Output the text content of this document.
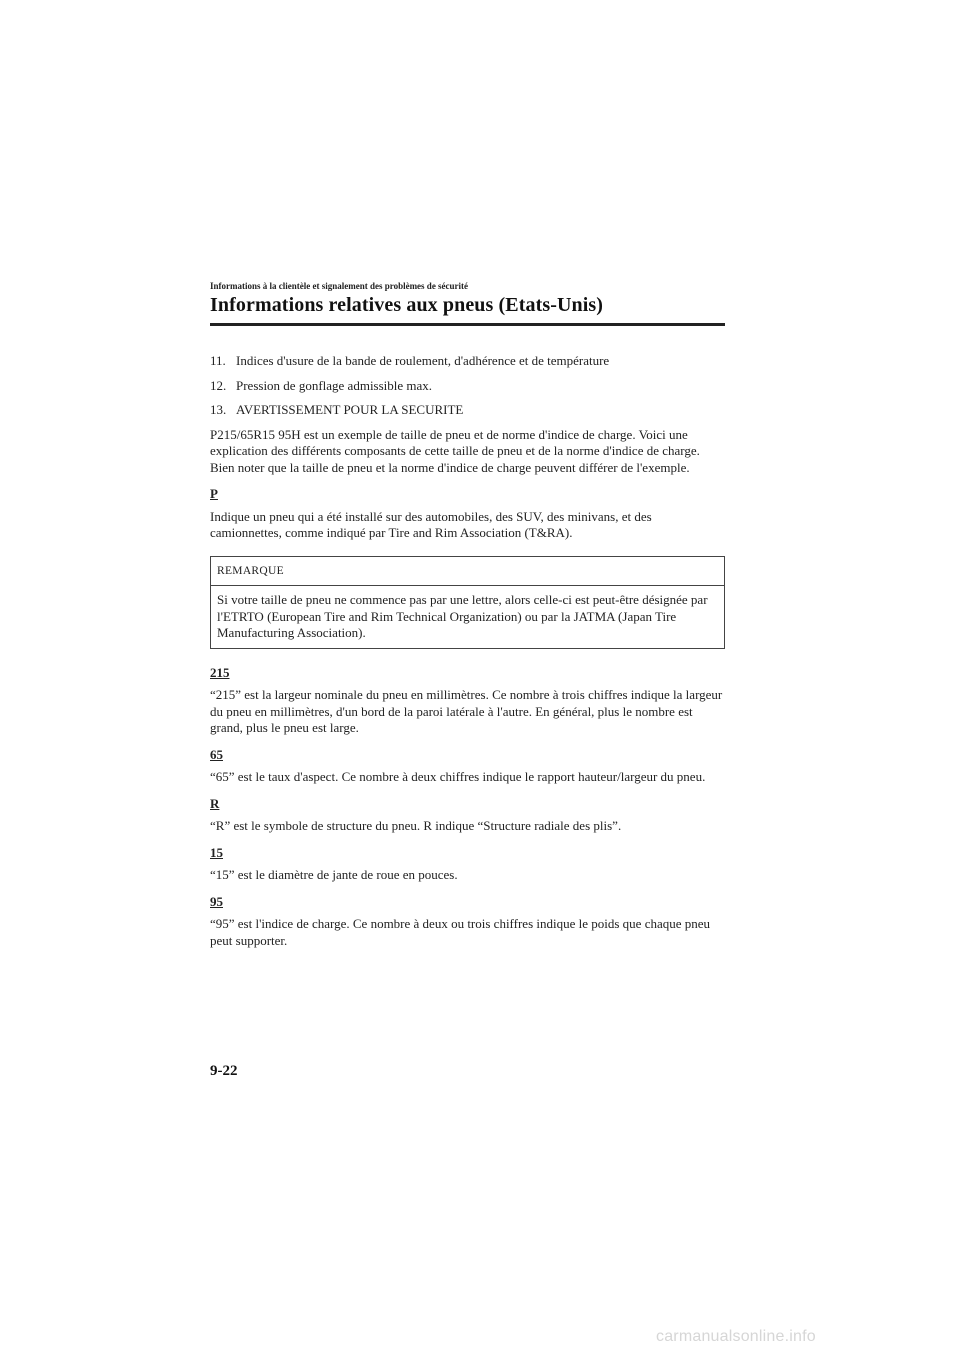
Informations à la clientèle et signalement des problèmes de sécurité
Informations relatives aux pneus (Etats-Unis)
11. Indices d'usure de la bande de roulement, d'adhérence et de température
12. Pression de gonflage admissible max.
13. AVERTISSEMENT POUR LA SECURITE

P215/65R15 95H est un exemple de taille de pneu et de norme d'indice de charge. Voici une explication des différents composants de cette taille de pneu et de la norme d'indice de charge. Bien noter que la taille de pneu et la norme d'indice de charge peuvent différer de l'exemple.

P

Indique un pneu qui a été installé sur des automobiles, des SUV, des minivans, et des camionnettes, comme indiqué par Tire and Rim Association (T&RA).

REMARQUE
Si votre taille de pneu ne commence pas par une lettre, alors celle-ci est peut-être désignée par l'ETRTO (European Tire and Rim Technical Organization) ou par la JATMA (Japan Tire Manufacturing Association).
215

“215” est la largeur nominale du pneu en millimètres. Ce nombre à trois chiffres indique la largeur du pneu en millimètres, d'un bord de la paroi latérale à l'autre. En général, plus le nombre est grand, plus le pneu est large.

65

“65” est le taux d'aspect. Ce nombre à deux chiffres indique le rapport hauteur/largeur du pneu.

R

“R” est le symbole de structure du pneu. R indique “Structure radiale des plis”.

15

“15” est le diamètre de jante de roue en pouces.

95

“95” est l'indice de charge. Ce nombre à deux ou trois chiffres indique le poids que chaque pneu peut supporter.

9-22
carmanualsonline.info
